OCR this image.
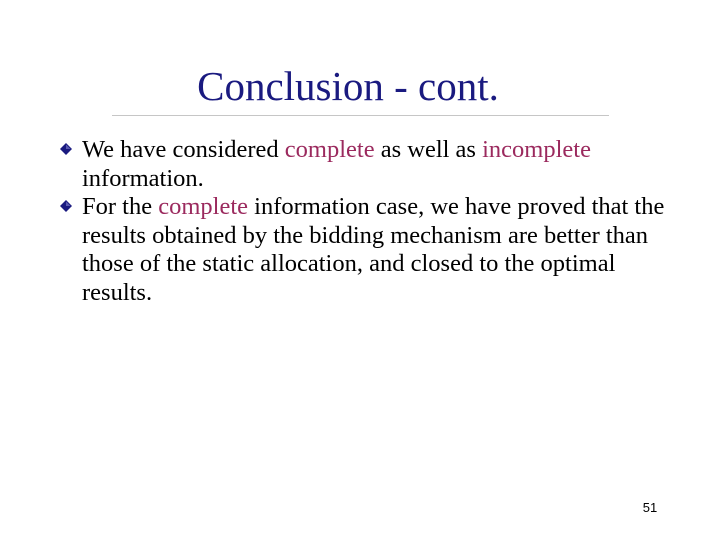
Conclusion - cont.
We have considered complete as well as incomplete information.
For the complete information case, we have proved that the results obtained by the bidding mechanism are better than those of the static allocation, and closed to the optimal results.
51
